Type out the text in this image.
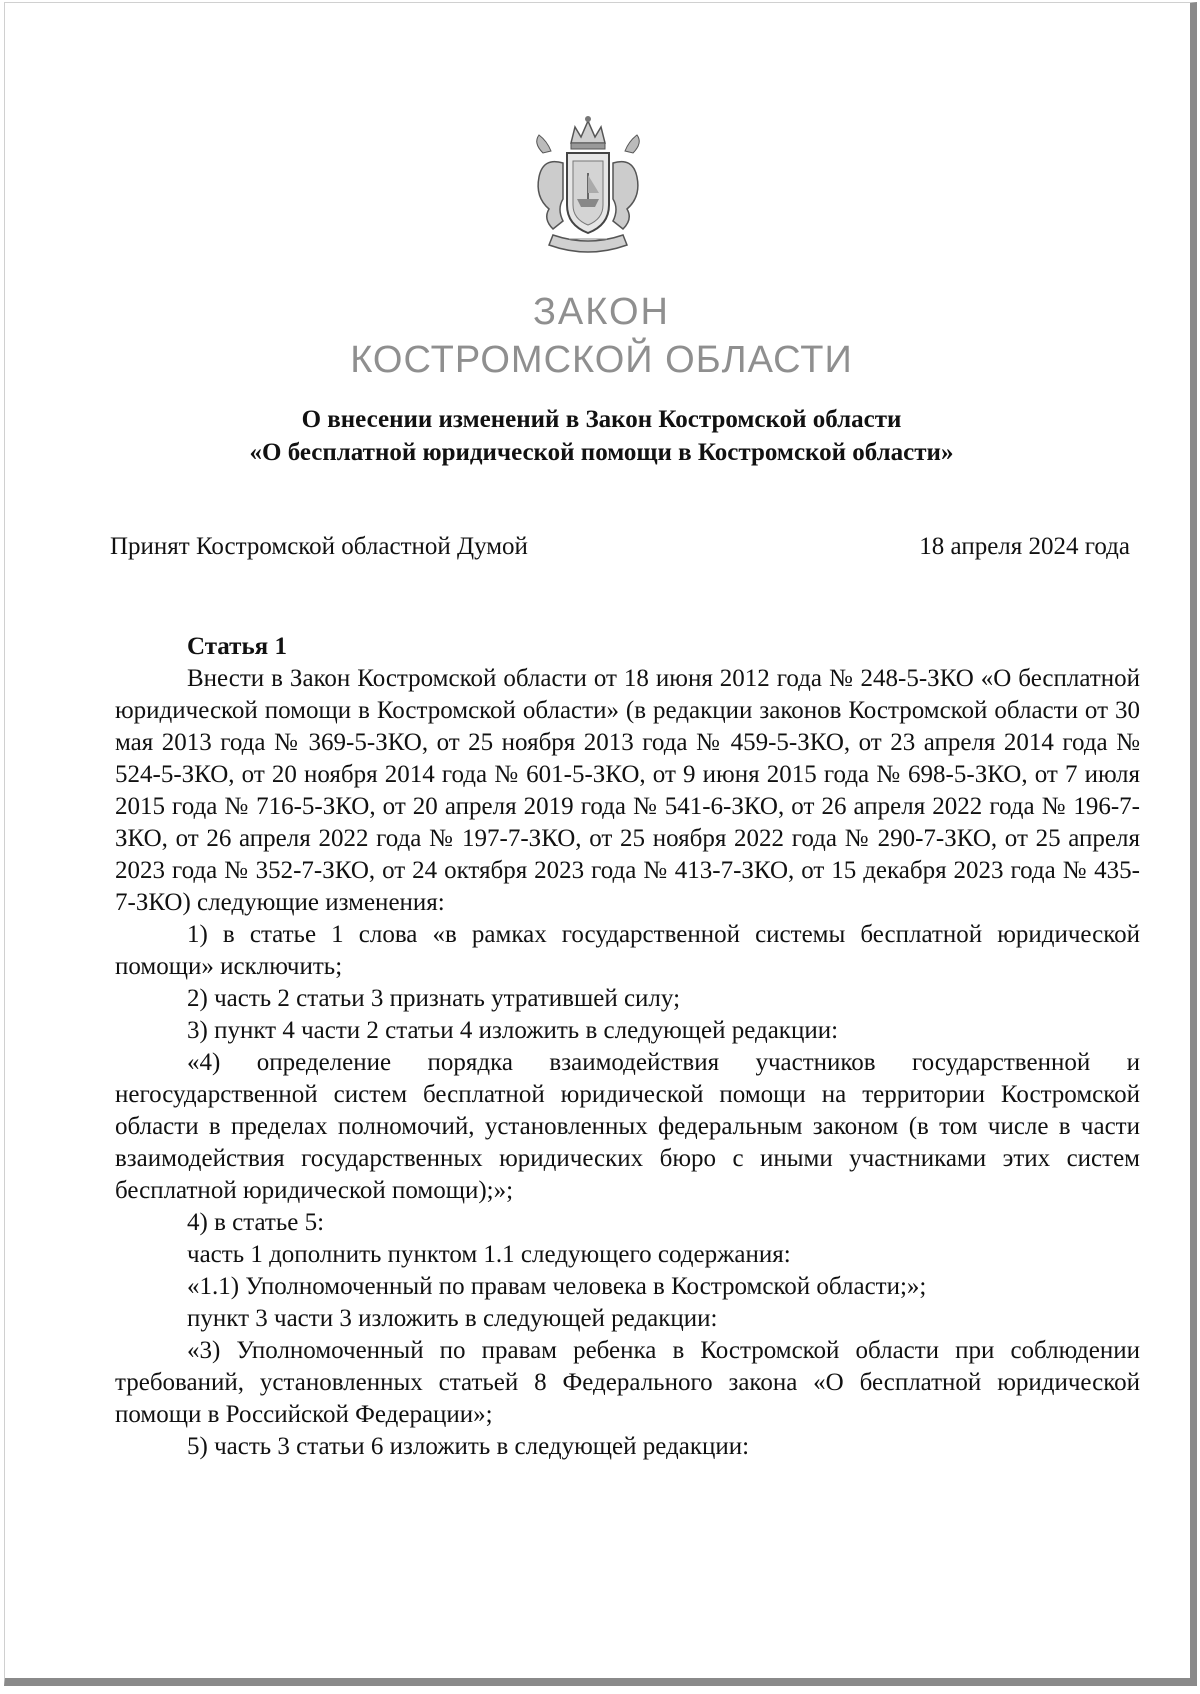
ЗАКОН
КОСТРОМСКОЙ ОБЛАСТИ
О внесении изменений в Закон Костромской области
«О бесплатной юридической помощи в Костромской области»
Принят Костромской областной Думой	18 апреля 2024 года

Статья 1

Внести в Закон Костромской области от 18 июня 2012 года № 248-5-ЗКО «О бесплатной юридической помощи в Костромской области» (в редакции законов Костромской области от 30 мая 2013 года № 369-5-ЗКО, от 25 ноября 2013 года № 459-5-ЗКО, от 23 апреля 2014 года № 524-5-ЗКО, от 20 ноября 2014 года № 601-5-ЗКО, от 9 июня 2015 года № 698-5-ЗКО, от 7 июля 2015 года № 716-5-ЗКО, от 20 апреля 2019 года № 541-6-ЗКО, от 26 апреля 2022 года № 196-7-ЗКО, от 26 апреля 2022 года № 197-7-ЗКО, от 25 ноября 2022 года № 290-7-ЗКО, от 25 апреля 2023 года № 352-7-ЗКО, от 24 октября 2023 года № 413-7-ЗКО, от 15 декабря 2023 года № 435-7-ЗКО) следующие изменения:

1) в статье 1 слова «в рамках государственной системы бесплатной юридической помощи» исключить;

2) часть 2 статьи 3 признать утратившей силу;

3) пункт 4 части 2 статьи 4 изложить в следующей редакции:

«4) определение порядка взаимодействия участников государственной и негосударственной систем бесплатной юридической помощи на территории Костромской области в пределах полномочий, установленных федеральным законом (в том числе в части взаимодействия государственных юридических бюро с иными участниками этих систем бесплатной юридической помощи);»;

4) в статье 5:

часть 1 дополнить пунктом 1.1 следующего содержания:

«1.1) Уполномоченный по правам человека в Костромской области;»;

пункт 3 части 3 изложить в следующей редакции:

«3) Уполномоченный по правам ребенка в Костромской области при соблюдении требований, установленных статьей 8 Федерального закона «О бесплатной юридической помощи в Российской Федерации»;

5) часть 3 статьи 6 изложить в следующей редакции:
